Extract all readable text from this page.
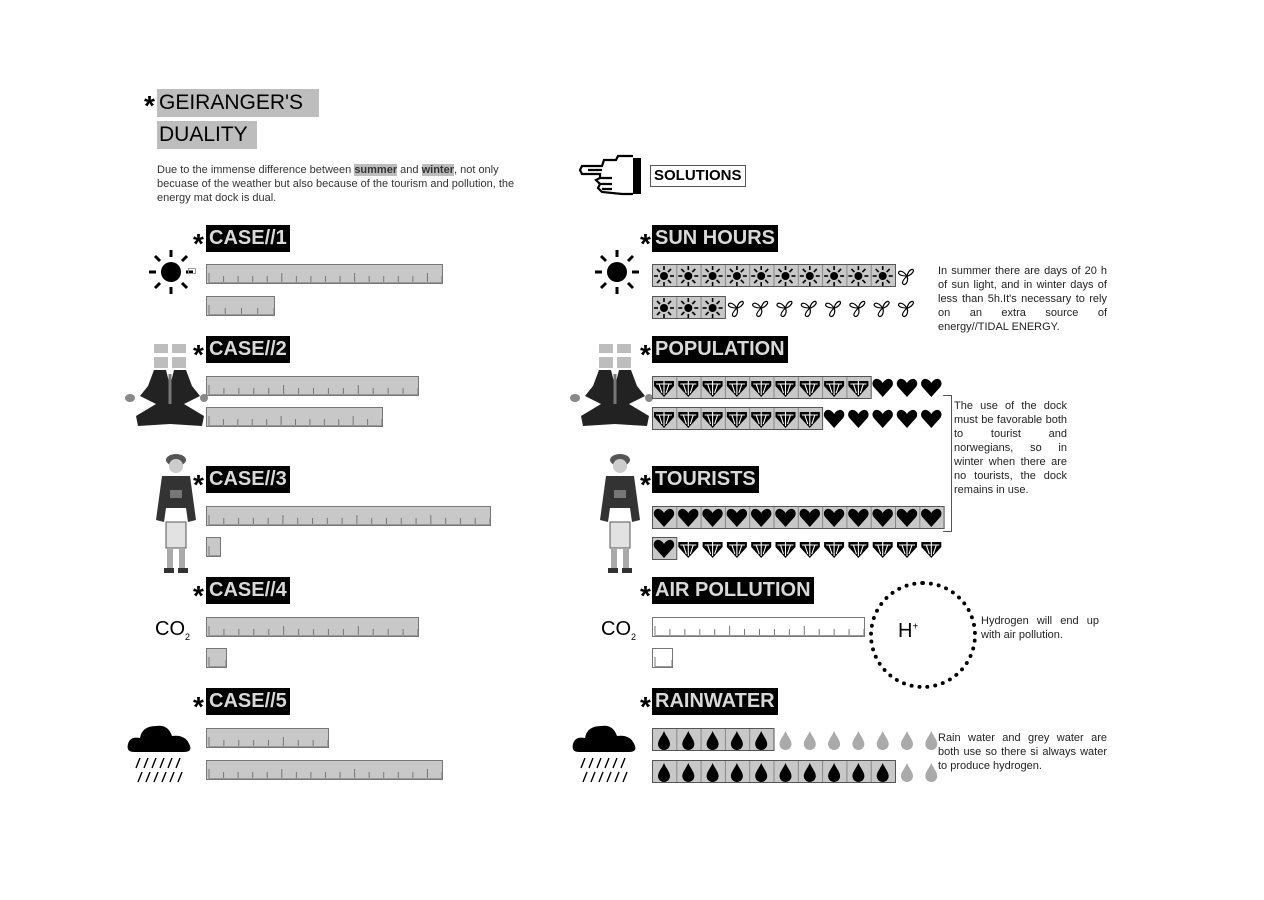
* GEIRANGER'S
DUALITY
Due to the immense difference between summer and winter, not only becuase of the weather but also because of the tourism and pollution, the energy mat dock is dual.
SOLUTIONS
* CASE//1
* CASE//2
* CASE//3
* CASE//4
* CASE//5
$CO_2$
* SUN HOURS
* POPULATION
* TOURISTS
* AIR POLLUTION
* RAINWATER
$CO_2$	H+
In summer there are days of 20 h of sun light, and in winter days of less than 5h.It's necessary to rely on an extra source of energy//TIDAL ENERGY.
The use of the dock must be favorable both to tourist and norwegians, so in winter when there are no tourists, the dock remains in use.
Hydrogen will end up with air pollution.
Rain water and grey water are both use so there si always water to produce hydrogen.
